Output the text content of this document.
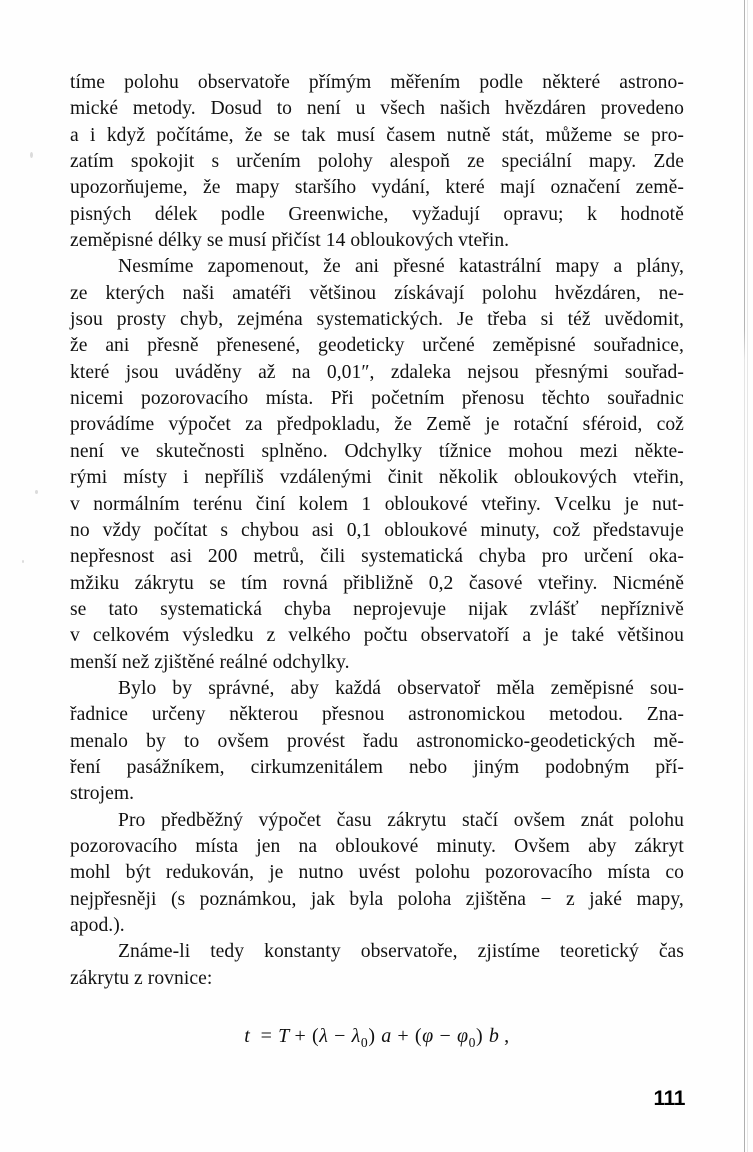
tíme polohu observatoře přímým měřením podle některé astrono-
mické metody. Dosud to není u všech našich hvězdáren provedeno
a i když počítáme, že se tak musí časem nutně stát, můžeme se pro-
zatím spokojit s určením polohy alespoň ze speciální mapy. Zde
upozorňujeme, že mapy staršího vydání, které mají označení země-
pisných délek podle Greenwiche, vyžadují opravu; k hodnotě
zeměpisné délky se musí přičíst 14 obloukových vteřin.

Nesmíme zapomenout, že ani přesné katastrální mapy a plány,
ze kterých naši amatéři většinou získávají polohu hvězdáren, ne-
jsou prosty chyb, zejména systematických. Je třeba si též uvědomit,
že ani přesně přenesené, geodeticky určené zeměpisné souřadnice,
které jsou uváděny až na 0,01″, zdaleka nejsou přesnými souřad-
nicemi pozorovacího místa. Při početním přenosu těchto souřadnic
provádíme výpočet za předpokladu, že Země je rotační sféroid, což
není ve skutečnosti splněno. Odchylky tížnice mohou mezi někte-
rými místy i nepříliš vzdálenými činit několik obloukových vteřin,
v normálním terénu činí kolem 1 obloukové vteřiny. Vcelku je nut-
no vždy počítat s chybou asi 0,1 obloukové minuty, což představuje
nepřesnost asi 200 metrů, čili systematická chyba pro určení oka-
mžiku zákrytu se tím rovná přibližně 0,2 časové vteřiny. Nicméně
se tato systematická chyba neprojevuje nijak zvlášť nepříznivě
v celkovém výsledku z velkého počtu observatoří a je také většinou
menší než zjištěné reálné odchylky.

Bylo by správné, aby každá observatoř měla zeměpisné sou-
řadnice určeny některou přesnou astronomickou metodou. Zna-
menalo by to ovšem provést řadu astronomicko-geodetických mě-
ření pasážníkem, cirkumzenitálem nebo jiným podobným pří-
strojem.

Pro předběžný výpočet času zákrytu stačí ovšem znát polohu
pozorovacího místa jen na obloukové minuty. Ovšem aby zákryt
mohl být redukován, je nutno uvést polohu pozorovacího místa co
nejpřesněji (s poznámkou, jak byla poloha zjištěna − z jaké mapy,
apod.).

Známe-li tedy konstanty observatoře, zjistíme teoretický čas
zákrytu z rovnice:

$t = T + (\lambda - \lambda_0)$ $a + (\varphi - \varphi_0)$ b  ,
111
